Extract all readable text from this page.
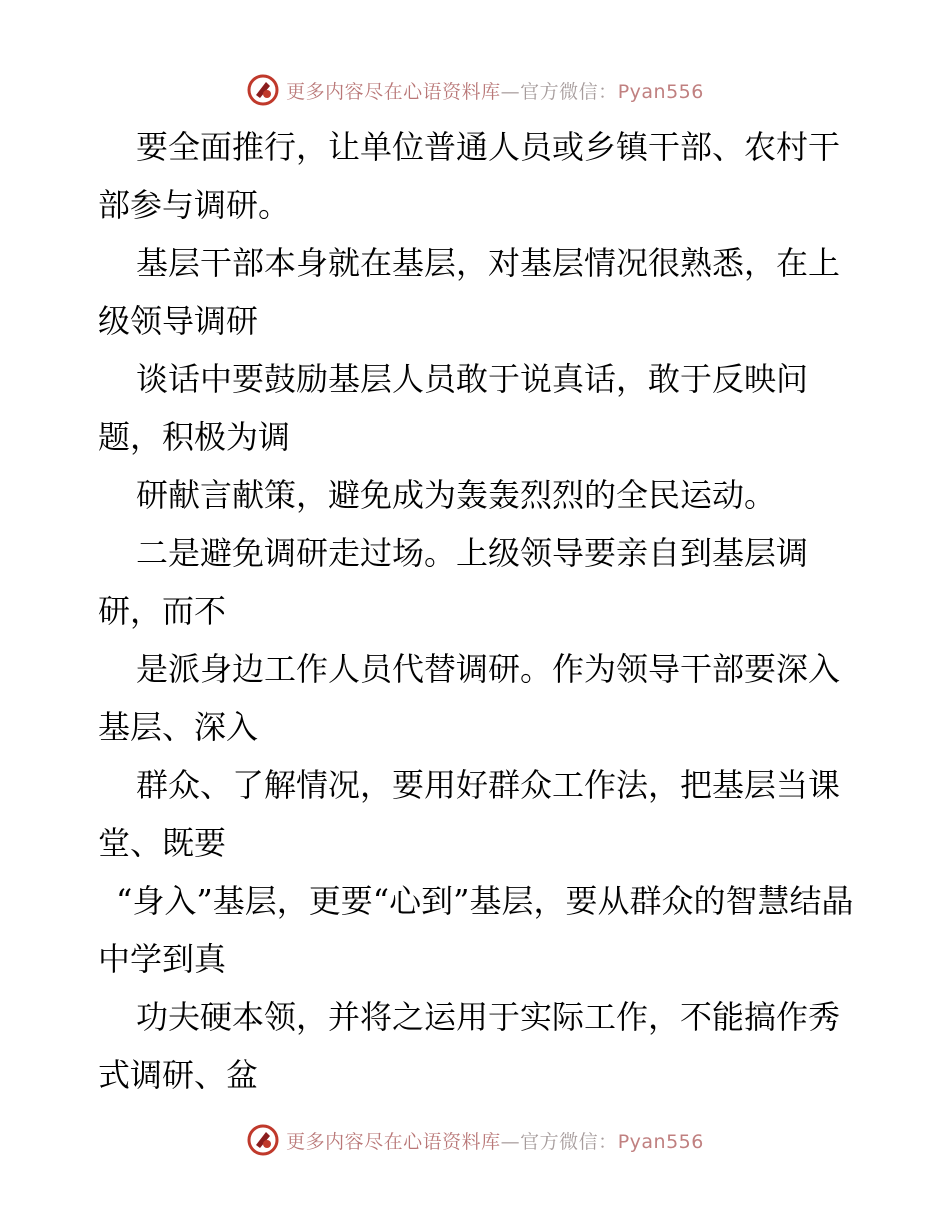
更多内容尽在心语资料库—官方微信：Pyan556

要全面推行，让单位普通人员或乡镇干部、农村干部参与调研。

基层干部本身就在基层，对基层情况很熟悉，在上级领导调研

谈话中要鼓励基层人员敢于说真话，敢于反映问题，积极为调

研献言献策，避免成为轰轰烈烈的全民运动。

二是避免调研走过场。上级领导要亲自到基层调研，而不

是派身边工作人员代替调研。作为领导干部要深入基层、深入

群众、了解情况，要用好群众工作法，把基层当课堂、既要

“身入”基层，更要“心到”基层，要从群众的智慧结晶中学到真

功夫硬本领，并将之运用于实际工作，不能搞作秀式调研、盆

更多内容尽在心语资料库—官方微信：Pyan556
